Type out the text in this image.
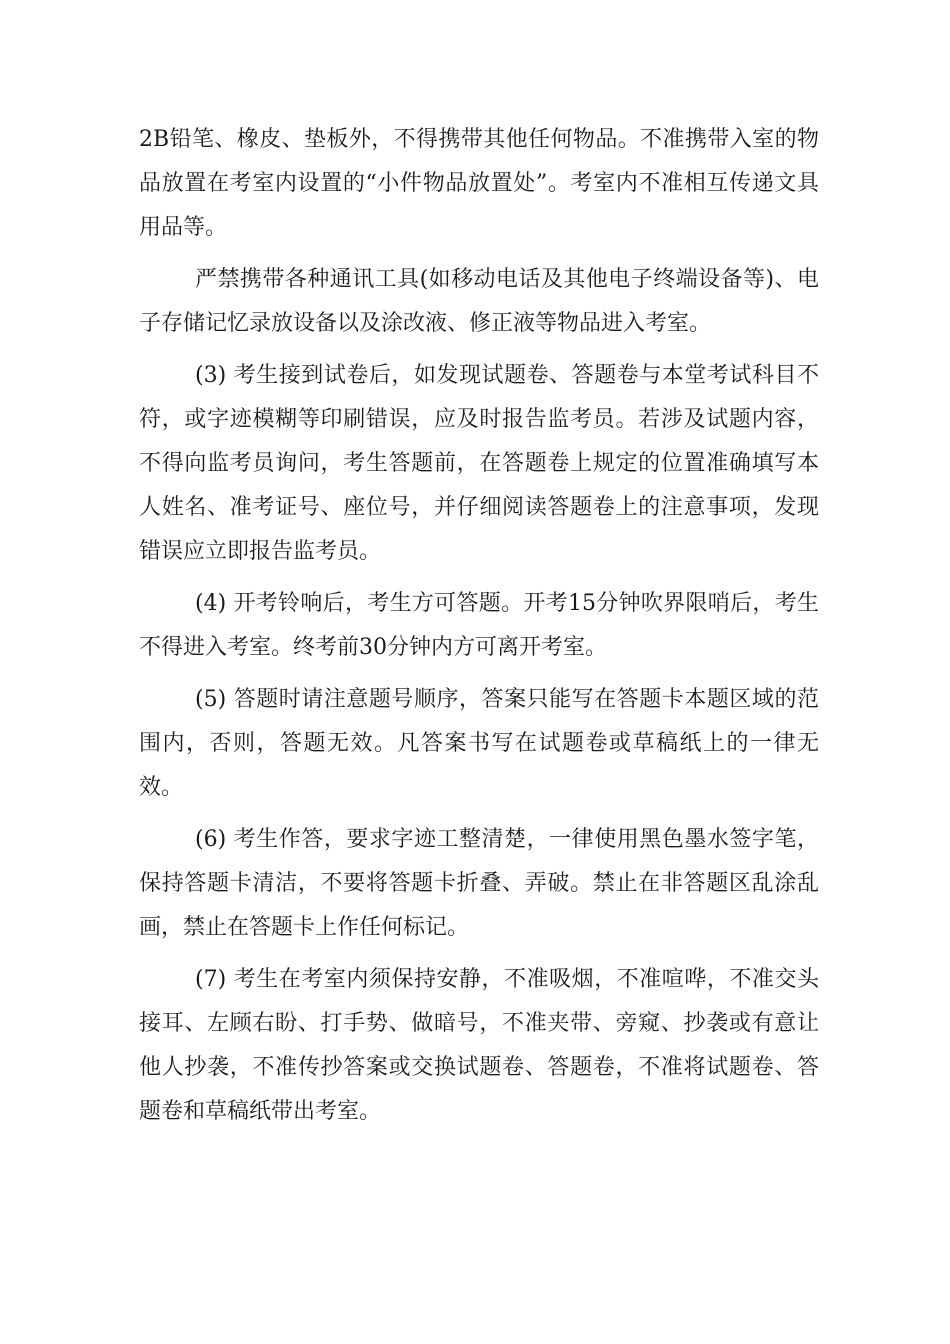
2B铅笔、橡皮、垫板外，不得携带其他任何物品。不准携带入室的物品放置在考室内设置的“小件物品放置处”。考室内不准相互传递文具用品等。

严禁携带各种通讯工具(如移动电话及其他电子终端设备等)、电子存储记忆录放设备以及涂改液、修正液等物品进入考室。

(3) 考生接到试卷后，如发现试题卷、答题卷与本堂考试科目不符，或字迹模糊等印刷错误，应及时报告监考员。若涉及试题内容，不得向监考员询问，考生答题前，在答题卷上规定的位置准确填写本人姓名、准考证号、座位号，并仔细阅读答题卷上的注意事项，发现错误应立即报告监考员。

(4) 开考铃响后，考生方可答题。开考15分钟吹界限哨后，考生不得进入考室。终考前30分钟内方可离开考室。

(5) 答题时请注意题号顺序，答案只能写在答题卡本题区域的范围内，否则，答题无效。凡答案书写在试题卷或草稿纸上的一律无效。

(6) 考生作答，要求字迹工整清楚，一律使用黑色墨水签字笔，保持答题卡清洁，不要将答题卡折叠、弄破。禁止在非答题区乱涂乱画，禁止在答题卡上作任何标记。

(7) 考生在考室内须保持安静，不准吸烟，不准喧哗，不准交头接耳、左顾右盼、打手势、做暗号，不准夹带、旁窥、抄袭或有意让他人抄袭，不准传抄答案或交换试题卷、答题卷，不准将试题卷、答题卷和草稿纸带出考室。
